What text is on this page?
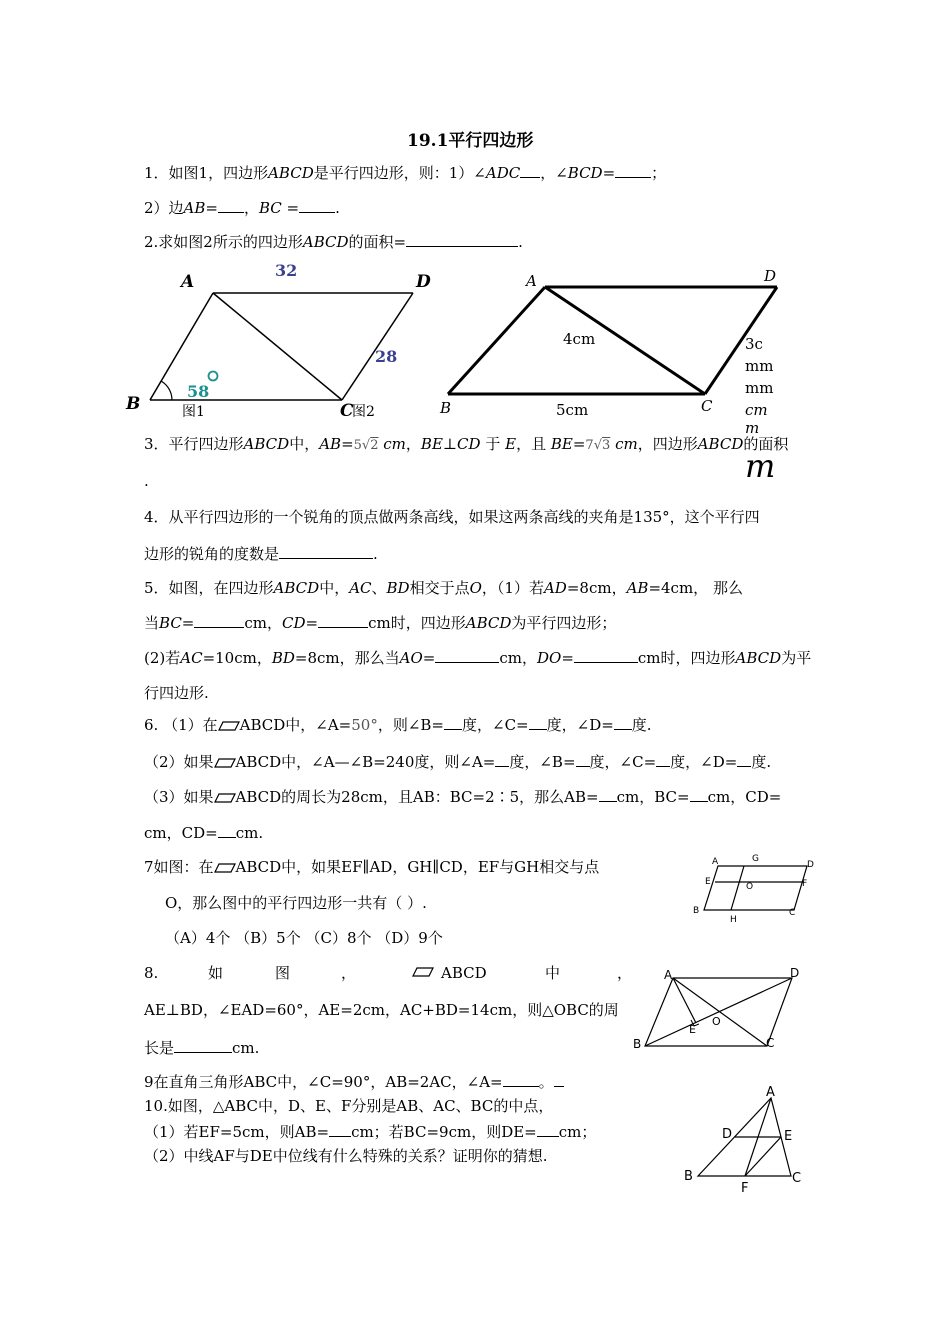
19.1平行四边形
1．如图1，四边形ABCD是平行四边形，则：1）∠ADC ，∠BCD= ；
2）边AB= ，BC = .
2.求如图2所示的四边形ABCD的面积=	.
A	D
B	C
32
28
58
图1	图2
A	D
B	C
4cm
5cm
3c
mm
mm
cm
m
m
3．平行四边形ABCD中，AB=5√2 cm，BE⊥CD 于 E，且 BE=7√3 cm，四边形ABCD的面积
.
4．从平行四边形的一个锐角的顶点做两条高线，如果这两条高线的夹角是135°，这个平行四
边形的锐角的度数是	.
5．如图，在四边形ABCD中，AC、BD相交于点O，（1）若AD=8cm，AB=4cm， 那么
当BC=	cm，CD=	cm时，四边形ABCD为平行四边形；
(2)若AC=10cm，BD=8cm，那么当AO=	cm，DO=	cm时，四边形ABCD为平
行四边形.
6. （1）在 ABCD中，∠A=50°，则∠B= 度，∠C= 度，∠D= 度.
（2）如果 ABCD中，∠A—∠B=240度，则∠A= 度，∠B= 度，∠C= 度，∠D= 度.
（3）如果 ABCD的周长为28cm，且AB：BC=2∶5，那么AB= cm，BC= cm，CD=
cm，CD= cm.
7如图：在 ABCD中，如果EF∥AD，GH∥CD，EF与GH相交与点
O，那么图中的平行四边形一共有（ ）.
（A）4个 （B）5个 （C）8个 （D）9个
A	G
D
E	O	F
B
H
C
8.	如	图	，	ABCD	中	，
AE⊥BD，∠EAD=60°，AE=2cm，AC+BD=14cm，则△OBC的周
长是	cm.
A	D
E
O
B	C
9在直角三角形ABC中，∠C=90°，AB=2AC，∠A= 。
10.如图，△ABC中，D、E、F分别是AB、AC、BC的中点，
（1）若EF=5cm，则AB= cm；若BC=9cm，则DE= cm；
（2）中线AF与DE中位线有什么特殊的关系？证明你的猜想.
A
D	E
B
F
C
